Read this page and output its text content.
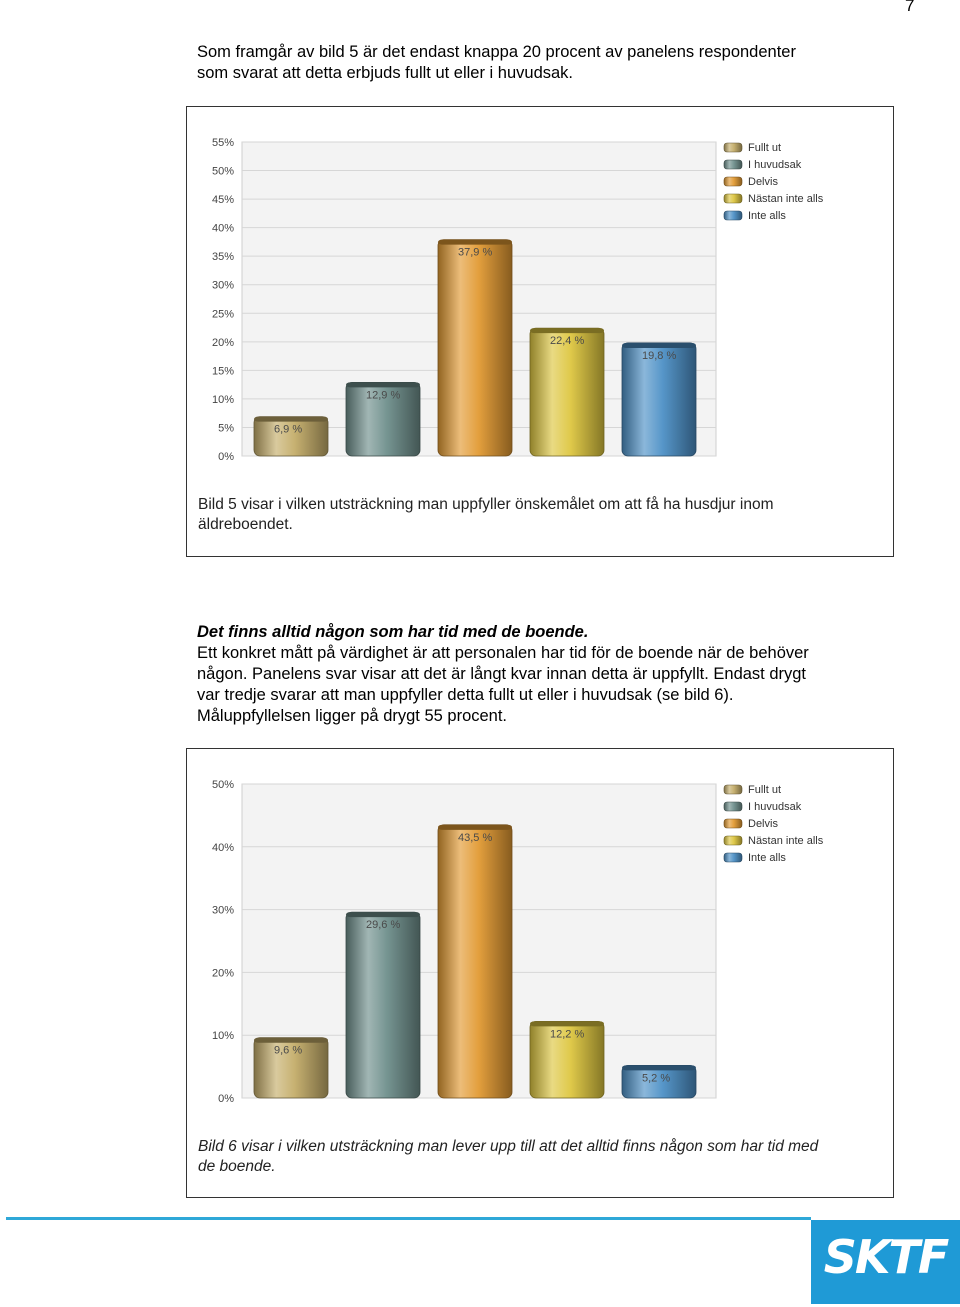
7

Som framgår av bild 5 är det endast knappa 20 procent av panelens respondenter
som svarat att detta erbjuds fullt ut eller i huvudsak.

0%
5%
10%
15%
20%
25%
30%
35%
40%
45%
50%
55%
6,9 %
12,9 %
37,9 %
22,4 %
19,8 %
Fullt ut
I huvudsak
Delvis
Nästan inte alls
Inte alls

Bild 5 visar i vilken utsträckning man uppfyller önskemålet om att få ha husdjur inom
äldreboendet.

Det finns alltid någon som har tid med de boende.
Ett konkret mått på värdighet är att personalen har tid för de boende när de behöver
någon. Panelens svar visar att det är långt kvar innan detta är uppfyllt. Endast drygt
var tredje svarar att man uppfyller detta fullt ut eller i huvudsak (se bild 6).
Måluppfyllelsen ligger på drygt 55 procent.

0%
10%
20%
30%
40%
50%
9,6 %
29,6 %
43,5 %
12,2 %
5,2 %
Fullt ut
I huvudsak
Delvis
Nästan inte alls
Inte alls

Bild 6 visar i vilken utsträckning man lever upp till att det alltid finns någon som har tid med
de boende.

SKTF
